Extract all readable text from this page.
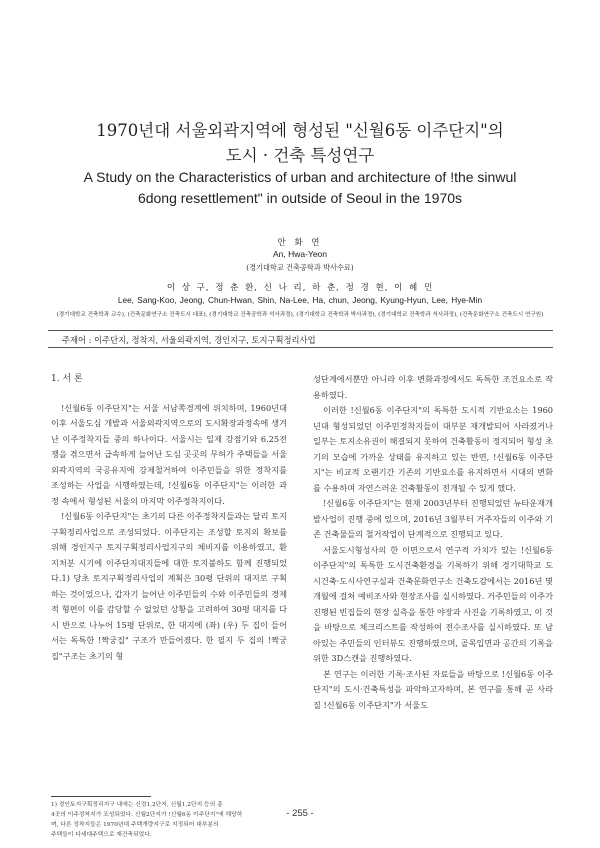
1970년대 서울외곽지역에 형성된 "신월6동 이주단지"의
도시 · 건축 특성연구
A Study on the Characteristics of urban and architecture of !the sinwul
6dong resettlement" in outside of Seoul in the 1970s
안 화 연
An, Hwa-Yeon
(경기대학교 건축공학과 박사수료)
이 상 구, 정 춘 환, 신 나 리, 하 춘, 정 경 현, 이 혜 민
Lee, Sang-Koo, Jeong, Chun-Hwan, Shin, Na-Lee, Ha, chun, Jeong, Kyung-Hyun, Lee, Hye-Min
(경기대학교 건축학과 교수), (건축문화연구소 건축도시 대표), (경기대학교 건축공학과 석사과정), (경기대학교 건축학과 박사과정), (경기대학교 건축학과 석사과정), (건축문화연구소 건축도시 연구원)
주제어 : 이주단지, 정착지, 서울외곽지역, 경인지구, 토지구획정리사업
1. 서 론

!신월6동 이주단지"는 서울 서남쪽경계에 위치하며, 1960년대 이후 서울도심 개발과 서울외곽지역으로의 도시확장과정속에 생겨난 이주정착지들 중의 하나이다. 서울시는 일제 강점기와 6.25전쟁을 겪으면서 급속하게 늘어난 도심 곳곳의 무허가 주택들을 서울외곽지역의 국공유지에 강제철거하여 이주민들을 위한 정착지를 조성하는 사업을 시행하였는데, !신월6동 이주단지"는 이러한 과정 속에서 형성된 서울의 마지막 이주정착지이다.

!신월6동 이주단지"는 초기의 다른 이주정착지들과는 달리 토지구획정리사업으로 조성되었다. 이주단지는 조성할 토지의 확보를 위해 경인지구 토지구획정리사업지구의 체비지를 이용하였고, 환지처분 시기에 이주단지대지들에 대한 토지불하도 함께 진행되었다.1) 당초 토지구획정리사업의 계획은 30평 단위의 대지로 구획하는 것이었으나, 갑자기 늘어난 이주민들의 수와 이주민들의 경제적 형편이 이를 감당할 수 없었던 상황을 고려하여 30평 대지를 다시 반으로 나누어 15평 단위로, 한 대지에 (좌) (우) 두 집이 들어서는 독특한 !짝궁집" 구조가 만들어졌다. 한 필지 두 집의 !짝궁집"구조는 초기의 형

성단계에서뿐만 아니라 이후 변화과정에서도 독특한 조건요소로 작용하였다.

이러한 !신월6동 이주단지"의 독특한 도시적 기반요소는 1960년대 형성되었던 이주민정착지들이 대부분 재개발되어 사라졌거나 일부는 토지소유권이 해결되지 못하여 건축활동이 정지되어 형성 초기의 모습에 가까운 상태를 유지하고 있는 반면, !신월6동 이주단지"는 비교적 오랜기간 기존의 기반요소를 유지하면서 시대의 변화를 수용하며 자연스러운 건축활동이 전개될 수 있게 했다.

!신월6동 이주단지"는 현재 2003년부터 진행되었던 뉴타운재개발사업이 진행 중에 있으며, 2016년 3월부터 거주자들의 이주와 기존 건축물들의 철거작업이 단계적으로 진행되고 있다.

서울도시형성사의 한 이면으로서 연구적 가치가 있는 !신월6동 이주단지"의 독특한 도시건축환경을 기록하기 위해 경기대학교 도시건축·도시사연구실과 건축문화연구소 건축도감에서는 2016년 몇 개월에 걸쳐 예비조사와 현장조사를 실시하였다. 거주민들의 이주가 진행된 빈집들의 현장 실측을 통한 야장과 사진을 기록하였고, 이 것을 바탕으로 체크리스트를 작성하여 전수조사를 실시하였다. 또 남아있는 주민들의 인터뷰도 진행하였으며, 골목입면과 공간의 기록을 위한 3D스캔을 진행하였다.

본 연구는 이러한 기록·조사된 자료들을 바탕으로 !신월6동 이주단지"의 도시·건축특성을 파악하고자하며, 본 연구를 통해 곧 사라질 !신월6동 이주단지"가 서울도

1) 경인토지구획정리지구 내에는 신정1,2단지, 신월1,2단지 등의 총
4곳의 이주정착지가 조성되었다. 신월2단지가 !신월6동 이주단지"에 해당하
며, 다른 정착지들은 1970년대 주택개량지구로 지정되어 대부분의
주택들이 다세대주택으로 재건축되었다.
- 255 -
